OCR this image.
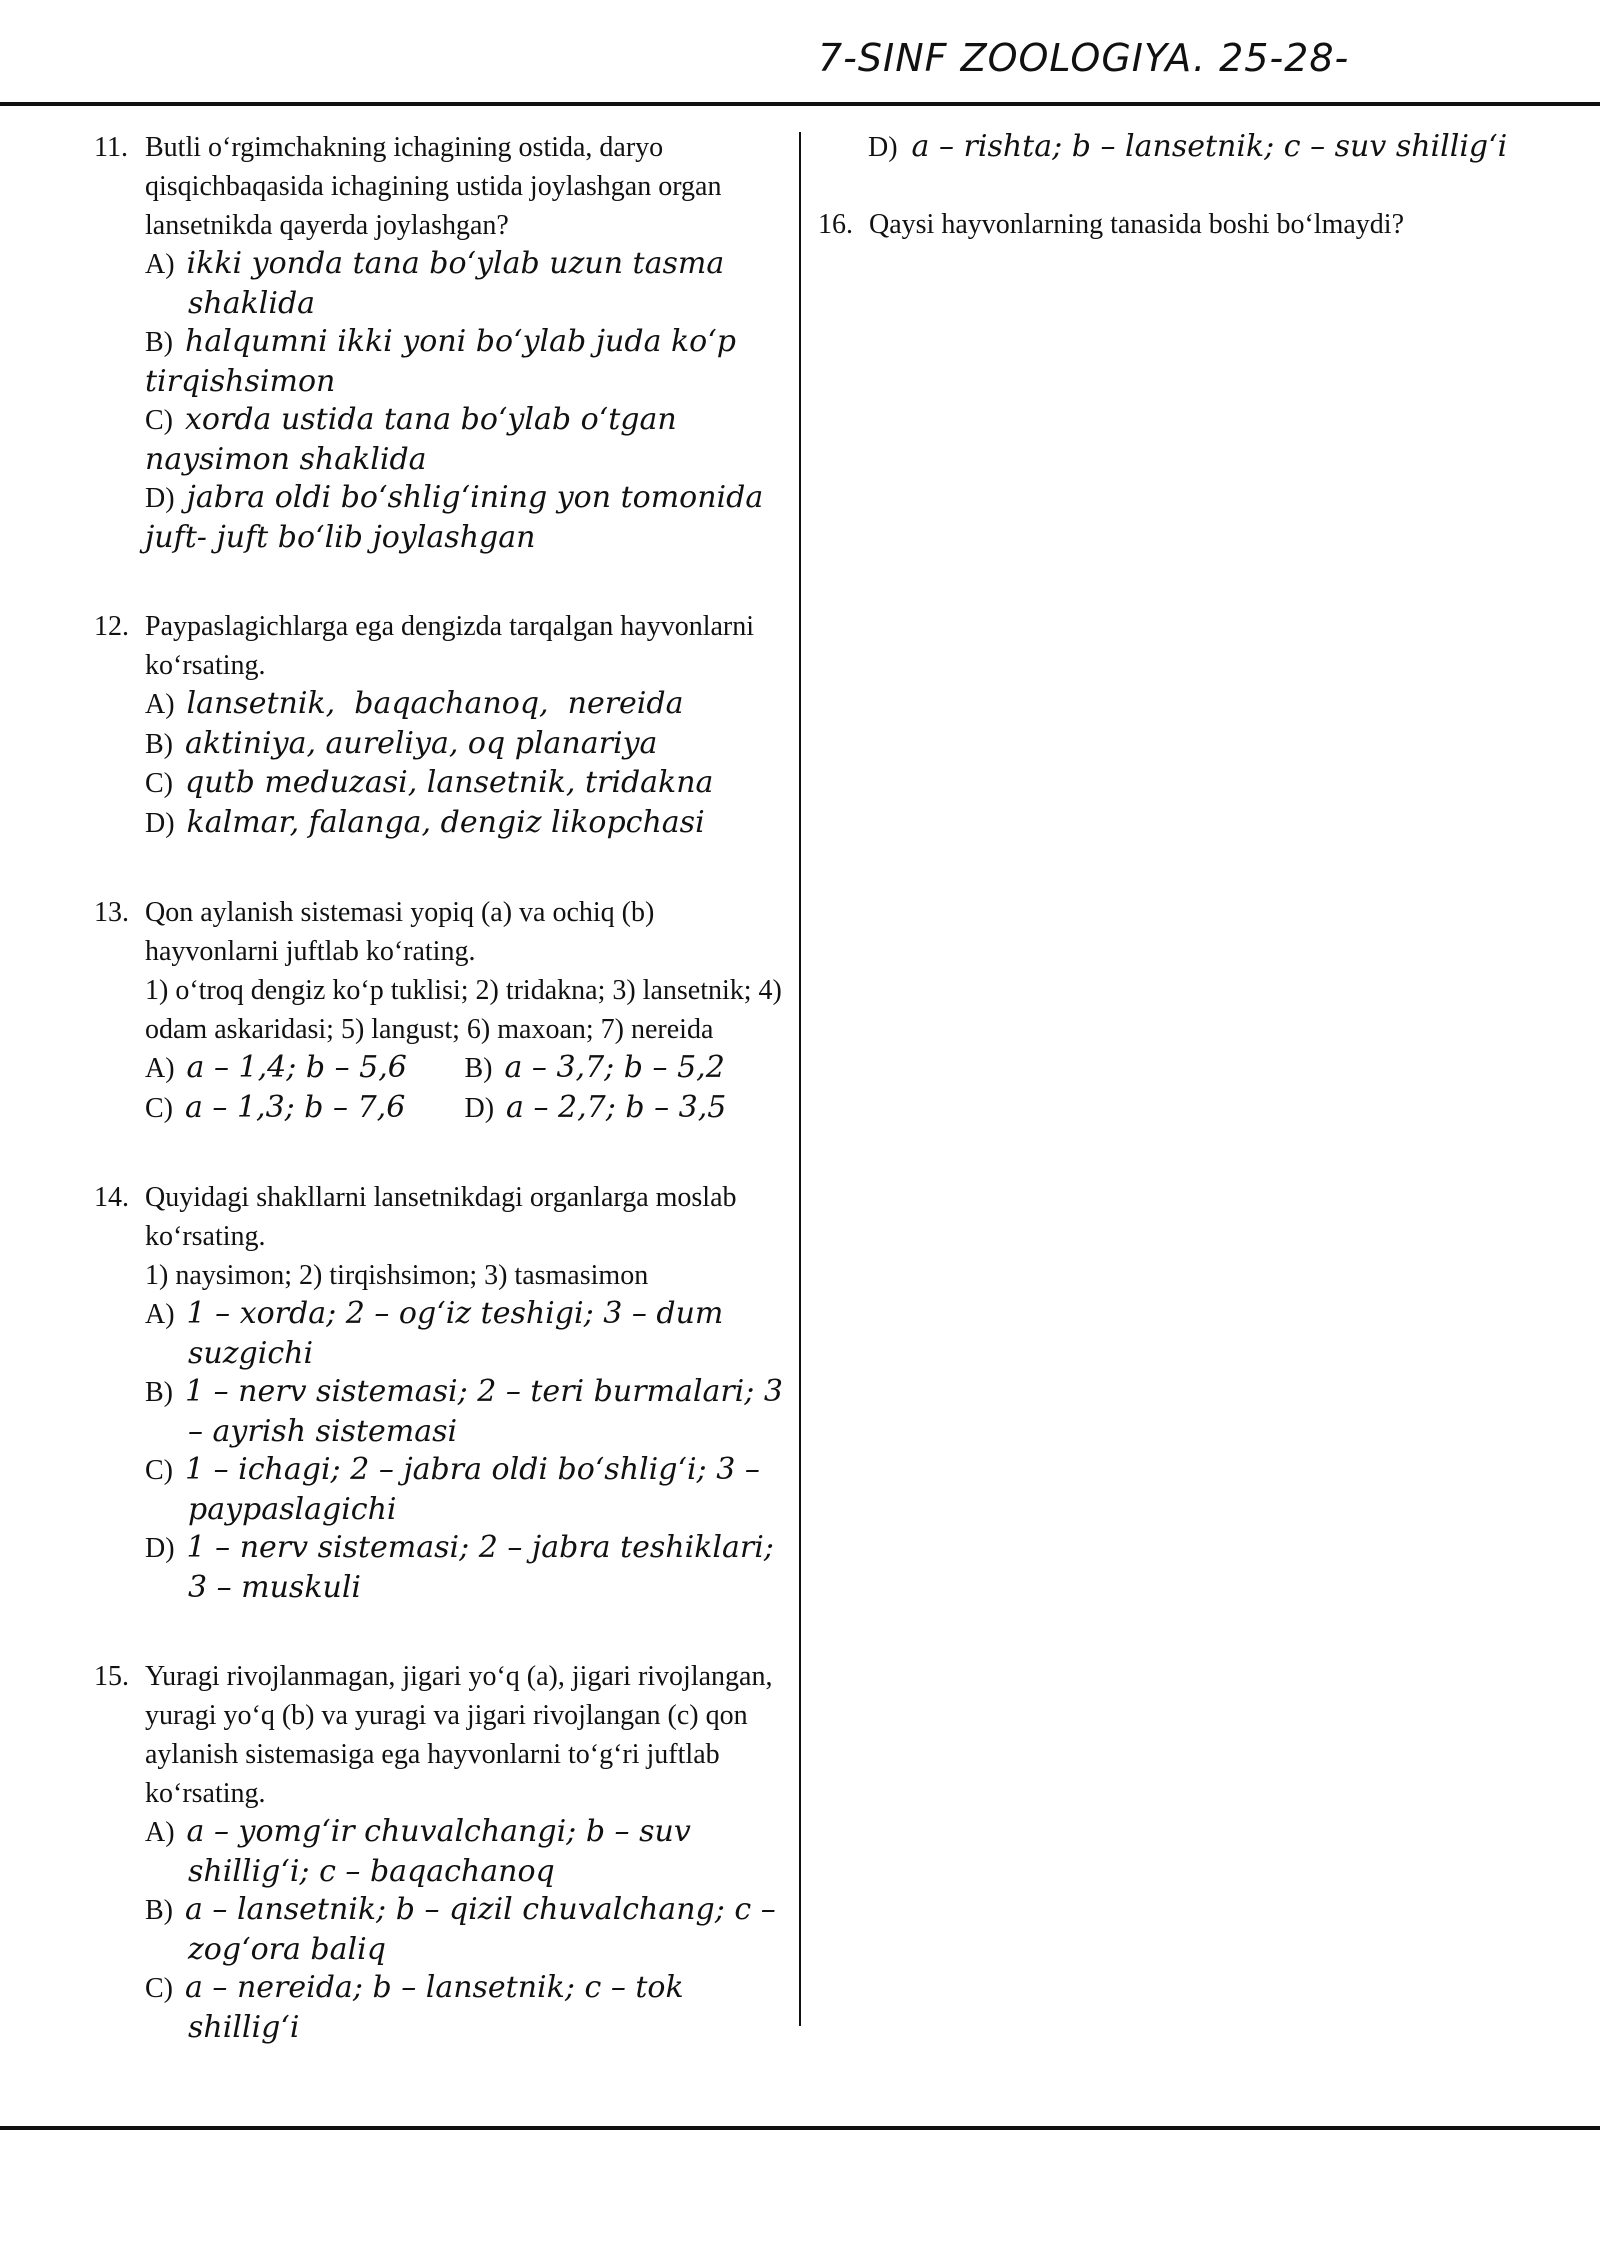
7-SINF ZOOLOGIYA. 25-28-
11. Butli oʻrgimchakning ichagining ostida, daryo qisqichbaqasida ichagining ustida joylashgan organ lansetnikda qayerda joylashgan?

A) ikki yonda tana boʻylab uzun tasma shaklida
B) halqumni ikki yoni boʻylab juda koʻp tirqishsimon
C) xorda ustida tana boʻylab oʻtgan naysimon shaklida
D) jabra oldi boʻshligʻining yon tomonida juft- juft boʻlib joylashgan
12. Paypaslagichlarga ega dengizda tarqalgan hayvonlarni koʻrsating.

A) lansetnik,  baqachanoq,  nereida
B) aktiniya, aureliya, oq planariya
C) qutb meduzasi, lansetnik, tridakna
D) kalmar, falanga, dengiz likopchasi
13. Qon aylanish sistemasi yopiq (a) va ochiq (b) hayvonlarni juftlab koʻrating.

1) oʻtroq dengiz koʻp tuklisi; 2) tridakna; 3) lansetnik; 4) odam askaridasi; 5) langust; 6) maxoan; 7) nereida

A) a – 1,4; b – 5,6	B) a – 3,7; b – 5,2
C) a – 1,3; b – 7,6	D) a – 2,7; b – 3,5
14. Quyidagi shakllarni lansetnikdagi organlarga moslab koʻrsating.

1) naysimon; 2) tirqishsimon; 3) tasmasimon

A) 1 – xorda; 2 – ogʻiz teshigi; 3 – dum suzgichi
B) 1 – nerv sistemasi; 2 – teri burmalari; 3 – ayrish sistemasi
C) 1 – ichagi; 2 – jabra oldi boʻshligʻi; 3 – paypaslagichi
D) 1 – nerv sistemasi; 2 – jabra teshiklari; 3 – muskuli
15. Yuragi rivojlanmagan, jigari yoʻq (a), jigari rivojlangan, yuragi yoʻq (b) va yuragi va jigari rivojlangan (c) qon aylanish sistemasiga ega hayvonlarni toʻgʻri juftlab koʻrsating.

A) a – yomgʻir chuvalchangi; b – suv shilligʻi; c – baqachanoq
B) a – lansetnik; b – qizil chuvalchang; c – zogʻora baliq
C) a – nereida; b – lansetnik; c – tok shilligʻi
D) a – rishta; b – lansetnik; c – suv shilligʻi
16. Qaysi hayvonlarning tanasida boshi boʻlmaydi?
